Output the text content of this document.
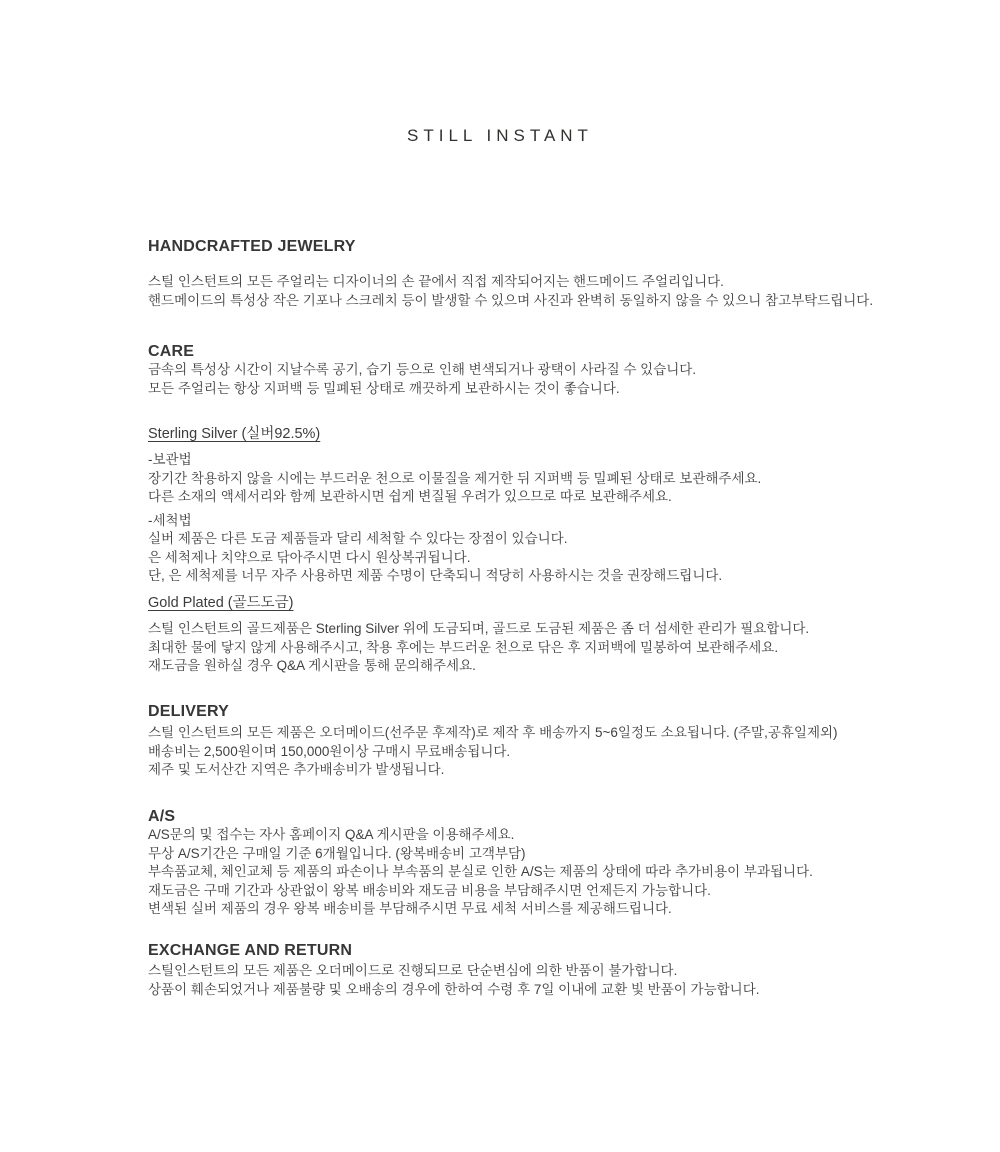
STILL INSTANT
HANDCRAFTED JEWELRY
스틸 인스턴트의 모든 주얼리는 디자이너의 손 끝에서 직접 제작되어지는 핸드메이드 주얼리입니다.
핸드메이드의 특성상 작은 기포나 스크레치 등이 발생할 수 있으며 사진과 완벽히 동일하지 않을 수 있으니 참고부탁드립니다.
CARE
금속의 특성상 시간이 지날수록 공기, 습기 등으로 인해 변색되거나 광택이 사라질 수 있습니다.
모든 주얼리는 항상 지퍼백 등 밀폐된 상태로 깨끗하게 보관하시는 것이 좋습니다.
Sterling Silver (실버92.5%)
-보관법
장기간 착용하지 않을 시에는 부드러운 천으로 이물질을 제거한 뒤 지퍼백 등 밀폐된 상태로 보관해주세요.
다른 소재의 액세서리와 함께 보관하시면 쉽게 변질될 우려가 있으므로 따로 보관해주세요.
-세척법
실버 제품은 다른 도금 제품들과 달리 세척할 수 있다는 장점이 있습니다.
은 세척제나 치약으로 닦아주시면 다시 원상복귀됩니다.
단, 은 세척제를 너무 자주 사용하면 제품 수명이 단축되니 적당히 사용하시는 것을 권장해드립니다.
Gold Plated (골드도금)
스틸 인스턴트의 골드제품은 Sterling Silver 위에 도금되며, 골드로 도금된 제품은 좀 더 섬세한 관리가 필요합니다.
최대한 물에 닿지 않게 사용해주시고, 착용 후에는 부드러운 천으로 닦은 후 지퍼백에 밀봉하여 보관해주세요.
재도금을 원하실 경우 Q&A 게시판을 통해 문의해주세요.
DELIVERY
스틸 인스턴트의 모든 제품은 오더메이드(선주문 후제작)로 제작 후 배송까지 5~6일정도 소요됩니다. (주말,공휴일제외)
배송비는 2,500원이며 150,000원이상 구매시 무료배송됩니다.
제주 및 도서산간 지역은 추가배송비가 발생됩니다.
A/S
A/S문의 및 접수는 자사 홈페이지 Q&A 게시판을 이용해주세요.
무상 A/S기간은 구매일 기준 6개월입니다. (왕복배송비 고객부담)
부속품교체, 체인교체 등 제품의 파손이나 부속품의 분실로 인한 A/S는 제품의 상태에 따라 추가비용이 부과됩니다.
재도금은 구매 기간과 상관없이 왕복 배송비와 재도금 비용을 부담해주시면 언제든지 가능합니다.
변색된 실버 제품의 경우 왕복 배송비를 부담해주시면 무료 세척 서비스를 제공해드립니다.
EXCHANGE AND RETURN
스틸인스턴트의 모든 제품은 오더메이드로 진행되므로 단순변심에 의한 반품이 불가합니다.
상품이 훼손되었거나 제품불량 및 오배송의 경우에 한하여 수령 후 7일 이내에 교환 빛 반품이 가능합니다.
